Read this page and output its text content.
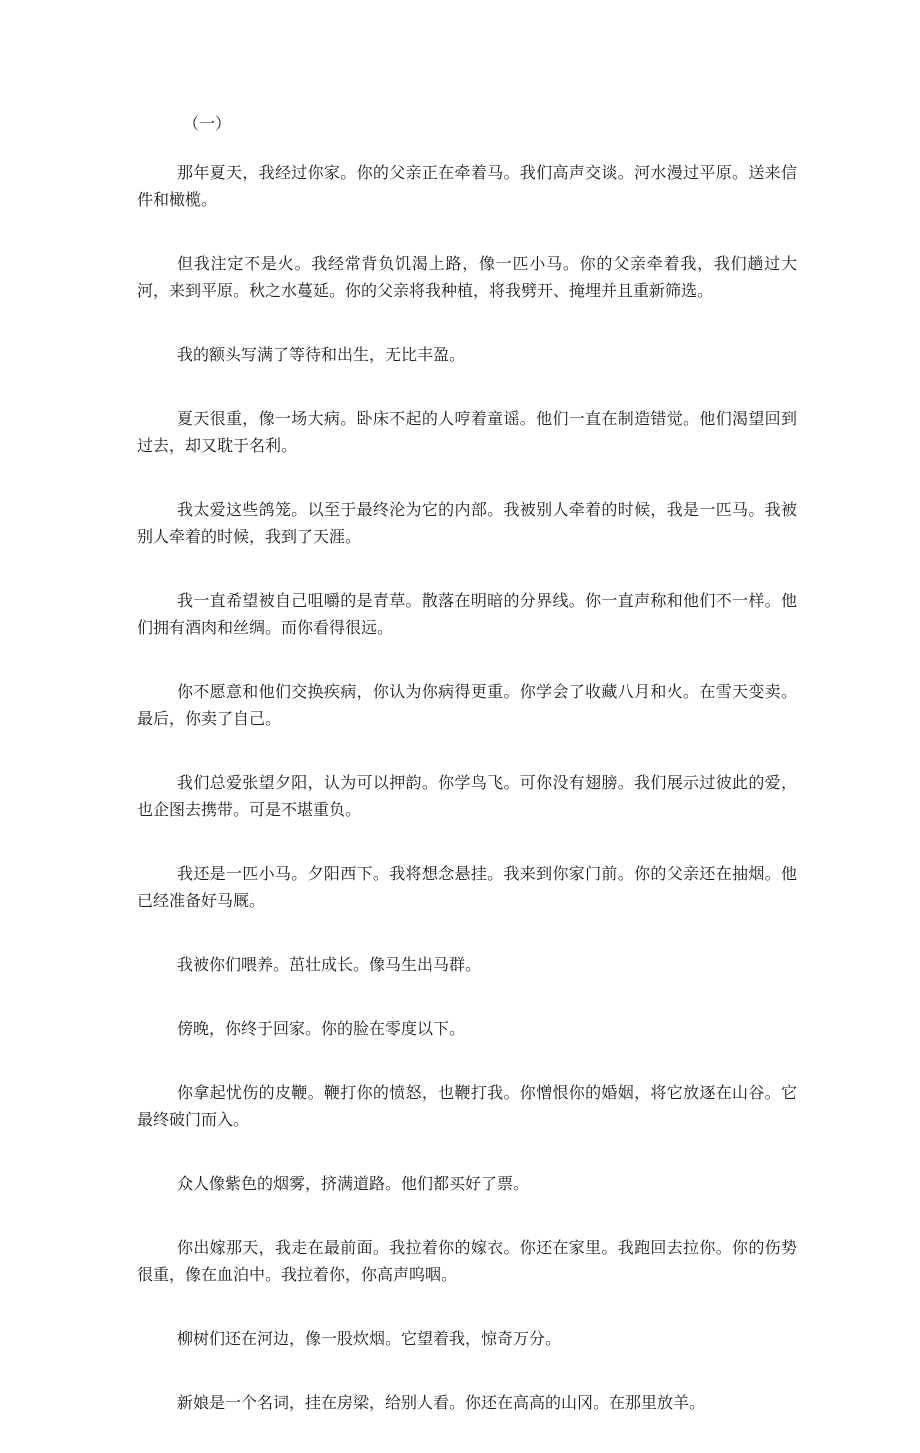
（一）

那年夏天，我经过你家。你的父亲正在牵着马。我们高声交谈。河水漫过平原。送来信件和橄榄。

但我注定不是火。我经常背负饥渴上路，像一匹小马。你的父亲牵着我，我们趟过大河，来到平原。秋之水蔓延。你的父亲将我种植，将我劈开、掩埋并且重新筛选。

我的额头写满了等待和出生，无比丰盈。

夏天很重，像一场大病。卧床不起的人哼着童谣。他们一直在制造错觉。他们渴望回到过去，却又耽于名利。

我太爱这些鸽笼。以至于最终沦为它的内部。我被别人牵着的时候，我是一匹马。我被别人牵着的时候，我到了天涯。

我一直希望被自己咀嚼的是青草。散落在明暗的分界线。你一直声称和他们不一样。他们拥有酒肉和丝绸。而你看得很远。

你不愿意和他们交换疾病，你认为你病得更重。你学会了收藏八月和火。在雪天变卖。最后，你卖了自己。

我们总爱张望夕阳，认为可以押韵。你学鸟飞。可你没有翅膀。我们展示过彼此的爱，也企图去携带。可是不堪重负。

我还是一匹小马。夕阳西下。我将想念悬挂。我来到你家门前。你的父亲还在抽烟。他已经准备好马厩。

我被你们喂养。茁壮成长。像马生出马群。

傍晚，你终于回家。你的脸在零度以下。

你拿起忧伤的皮鞭。鞭打你的愤怒，也鞭打我。你憎恨你的婚姻，将它放逐在山谷。它最终破门而入。

众人像紫色的烟雾，挤满道路。他们都买好了票。

你出嫁那天，我走在最前面。我拉着你的嫁衣。你还在家里。我跑回去拉你。你的伤势很重，像在血泊中。我拉着你，你高声呜咽。

柳树们还在河边，像一股炊烟。它望着我，惊奇万分。

新娘是一个名词，挂在房梁，给别人看。你还在高高的山冈。在那里放羊。
